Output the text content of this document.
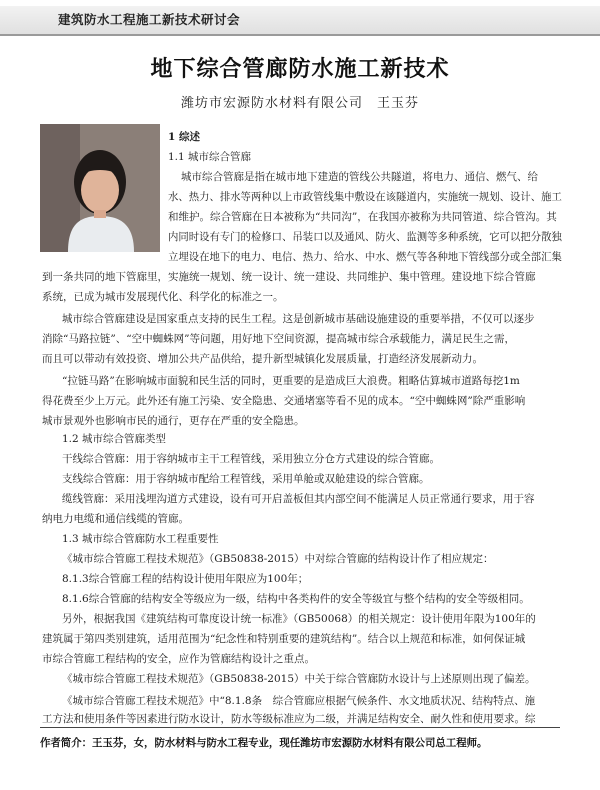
建筑防水工程施工新技术研讨会
地下综合管廊防水施工新技术
潍坊市宏源防水材料有限公司　王玉芬
1 综述
1.1 城市综合管廊
城市综合管廊是指在城市地下建造的管线公共隧道，将电力、通信、燃气、给
水、热力、排水等两种以上市政管线集中敷设在该隧道内，实施统一规划、设计、施工
和维护。综合管廊在日本被称为“共同沟”，在我国亦被称为共同管道、综合管沟。其
内同时设有专门的检修口、吊装口以及通风、防火、监测等多种系统，它可以把分散独
立埋设在地下的电力、电信、热力、给水、中水、燃气等各种地下管线部分或全部汇集
到一条共同的地下管廊里，实施统一规划、统一设计、统一建设、共同维护、集中管理。建设地下综合管廊
系统，已成为城市发展现代化、科学化的标准之一。
城市综合管廊建设是国家重点支持的民生工程。这是创新城市基础设施建设的重要举措，不仅可以逐步
消除“马路拉链”、“空中蜘蛛网”等问题，用好地下空间资源，提高城市综合承载能力，满足民生之需，
而且可以带动有效投资、增加公共产品供给，提升新型城镇化发展质量，打造经济发展新动力。
“拉链马路”在影响城市面貌和民生活的同时，更重要的是造成巨大浪费。粗略估算城市道路每挖1m
得花费至少上万元。此外还有施工污染、安全隐患、交通堵塞等看不见的成本。“空中蜘蛛网”除严重影响
城市景观外也影响市民的通行，更存在严重的安全隐患。
1.2 城市综合管廊类型
干线综合管廊：用于容纳城市主干工程管线，采用独立分仓方式建设的综合管廊。
支线综合管廊：用于容纳城市配给工程管线，采用单舱或双舱建设的综合管廊。
缆线管廊：采用浅埋沟道方式建设，设有可开启盖板但其内部空间不能满足人员正常通行要求，用于容
纳电力电缆和通信线缆的管廊。
1.3 城市综合管廊防水工程重要性
《城市综合管廊工程技术规范》（GB50838-2015）中对综合管廊的结构设计作了相应规定：
8.1.3综合管廊工程的结构设计使用年限应为100年；
8.1.6综合管廊的结构安全等级应为一级，结构中各类构件的安全等级宜与整个结构的安全等级相同。
另外，根据我国《建筑结构可靠度设计统一标准》（GB50068）的相关规定：设计使用年限为100年的
建筑属于第四类别建筑，适用范围为“纪念性和特别重要的建筑结构”。结合以上规范和标准，如何保证城
市综合管廊工程结构的安全，应作为管廊结构设计之重点。
《城市综合管廊工程技术规范》（GB50838-2015）中关于综合管廊防水设计与上述原则出现了偏差。
《城市综合管廊工程技术规范》中“8.1.8条　综合管廊应根据气候条件、水文地质状况、结构特点、施
工方法和使用条件等因素进行防水设计，防水等级标准应为二级，并满足结构安全、耐久性和使用要求。综
作者简介：王玉芬，女，防水材料与防水工程专业，现任潍坊市宏源防水材料有限公司总工程师。
